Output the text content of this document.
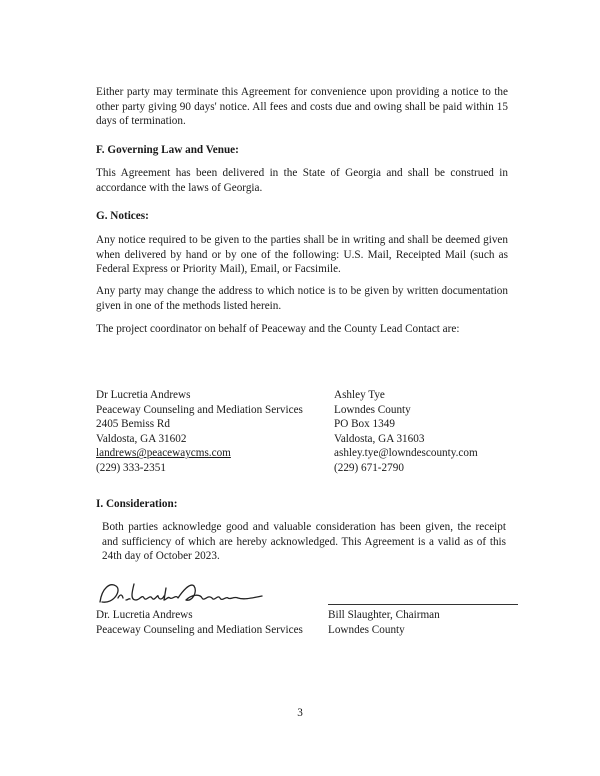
Either party may terminate this Agreement for convenience upon providing a notice to the other party giving 90 days' notice. All fees and costs due and owing shall be paid within 15 days of termination.

F. Governing Law and Venue:

This Agreement has been delivered in the State of Georgia and shall be construed in accordance with the laws of Georgia.

G. Notices:

Any notice required to be given to the parties shall be in writing and shall be deemed given when delivered by hand or by one of the following: U.S. Mail, Receipted Mail (such as Federal Express or Priority Mail), Email, or Facsimile.

Any party may change the address to which notice is to be given by written documentation given in one of the methods listed herein.

The project coordinator on behalf of Peaceway and the County Lead Contact are:

Dr Lucretia Andrews
Peaceway Counseling and Mediation Services
2405 Bemiss Rd
Valdosta, GA 31602
landrews@peacewaycms.com
(229) 333-2351
Ashley Tye
Lowndes County
PO Box 1349
Valdosta, GA 31603
ashley.tye@lowndescounty.com
(229) 671-2790

I. Consideration:

Both parties acknowledge good and valuable consideration has been given, the receipt and sufficiency of which are hereby acknowledged. This Agreement is a valid as of this 24th day of October 2023.

Dr. Lucretia Andrews
Peaceway Counseling and Mediation Services
Bill Slaughter, Chairman
Lowndes County
3
